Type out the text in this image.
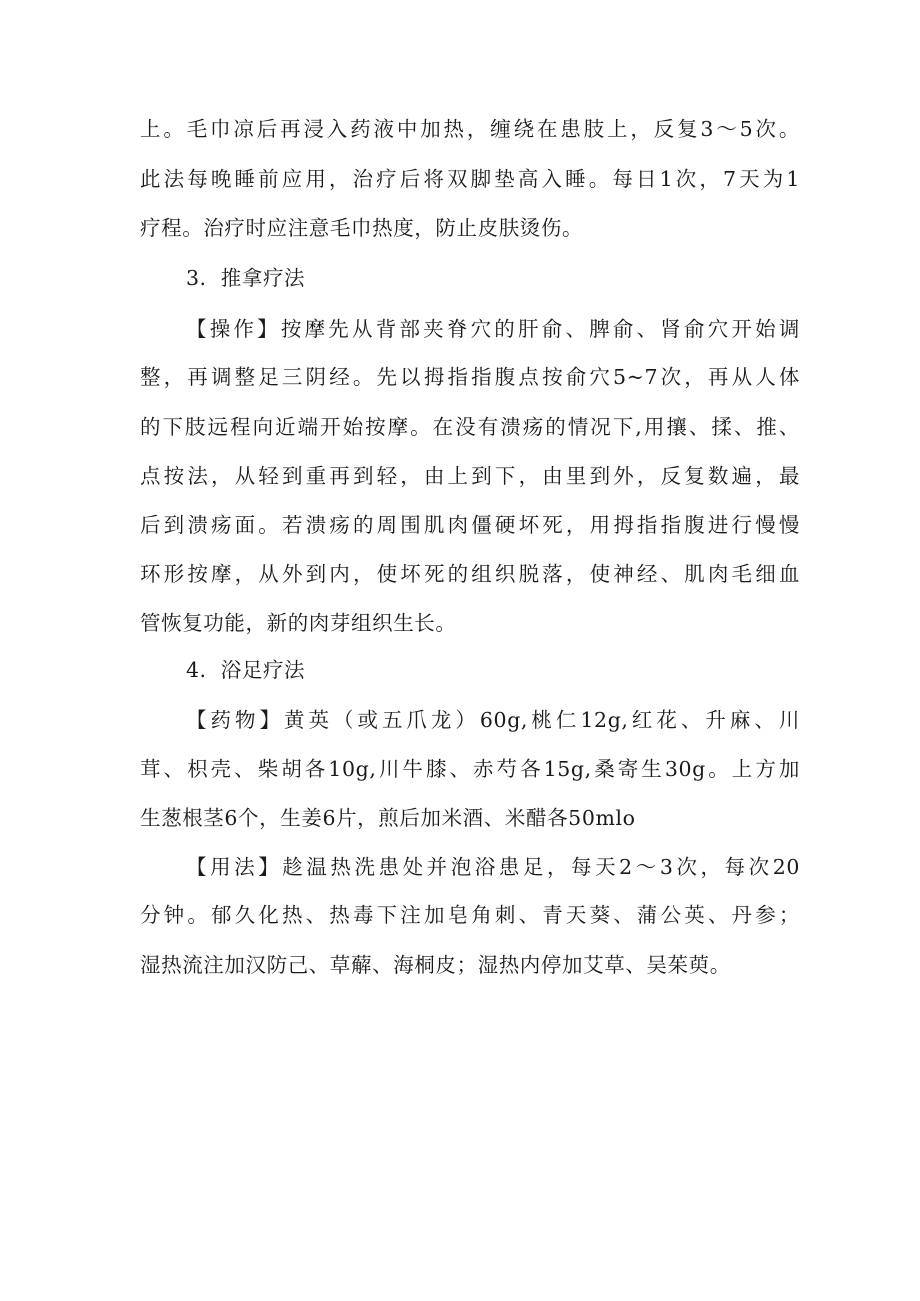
上。毛巾凉后再浸入药液中加热，缠绕在患肢上，反复3～5次。
此法每晚睡前应用，治疗后将双脚垫高入睡。每日1次，7天为1
疗程。治疗时应注意毛巾热度，防止皮肤烫伤。
3．推拿疗法
【操作】按摩先从背部夹脊穴的肝俞、脾俞、肾俞穴开始调
整，再调整足三阴经。先以拇指指腹点按俞穴5~7次，再从人体
的下肢远程向近端开始按摩。在没有溃疡的情况下,用攘、揉、推、
点按法，从轻到重再到轻，由上到下，由里到外，反复数遍，最
后到溃疡面。若溃疡的周围肌肉僵硬坏死，用拇指指腹进行慢慢
环形按摩，从外到内，使坏死的组织脱落，使神经、肌肉毛细血
管恢复功能，新的肉芽组织生长。
4．浴足疗法
【药物】黄英（或五爪龙）60g,桃仁12g,红花、升麻、川
茸、枳壳、柴胡各10g,川牛膝、赤芍各15g,桑寄生30g。上方加
生葱根茎6个，生姜6片，煎后加米酒、米醋各50mlo
【用法】趁温热洗患处并泡浴患足，每天2～3次，每次20
分钟。郁久化热、热毒下注加皂角刺、青天葵、蒲公英、丹参；
湿热流注加汉防己、草薢、海桐皮；湿热内停加艾草、吴茱萸。
